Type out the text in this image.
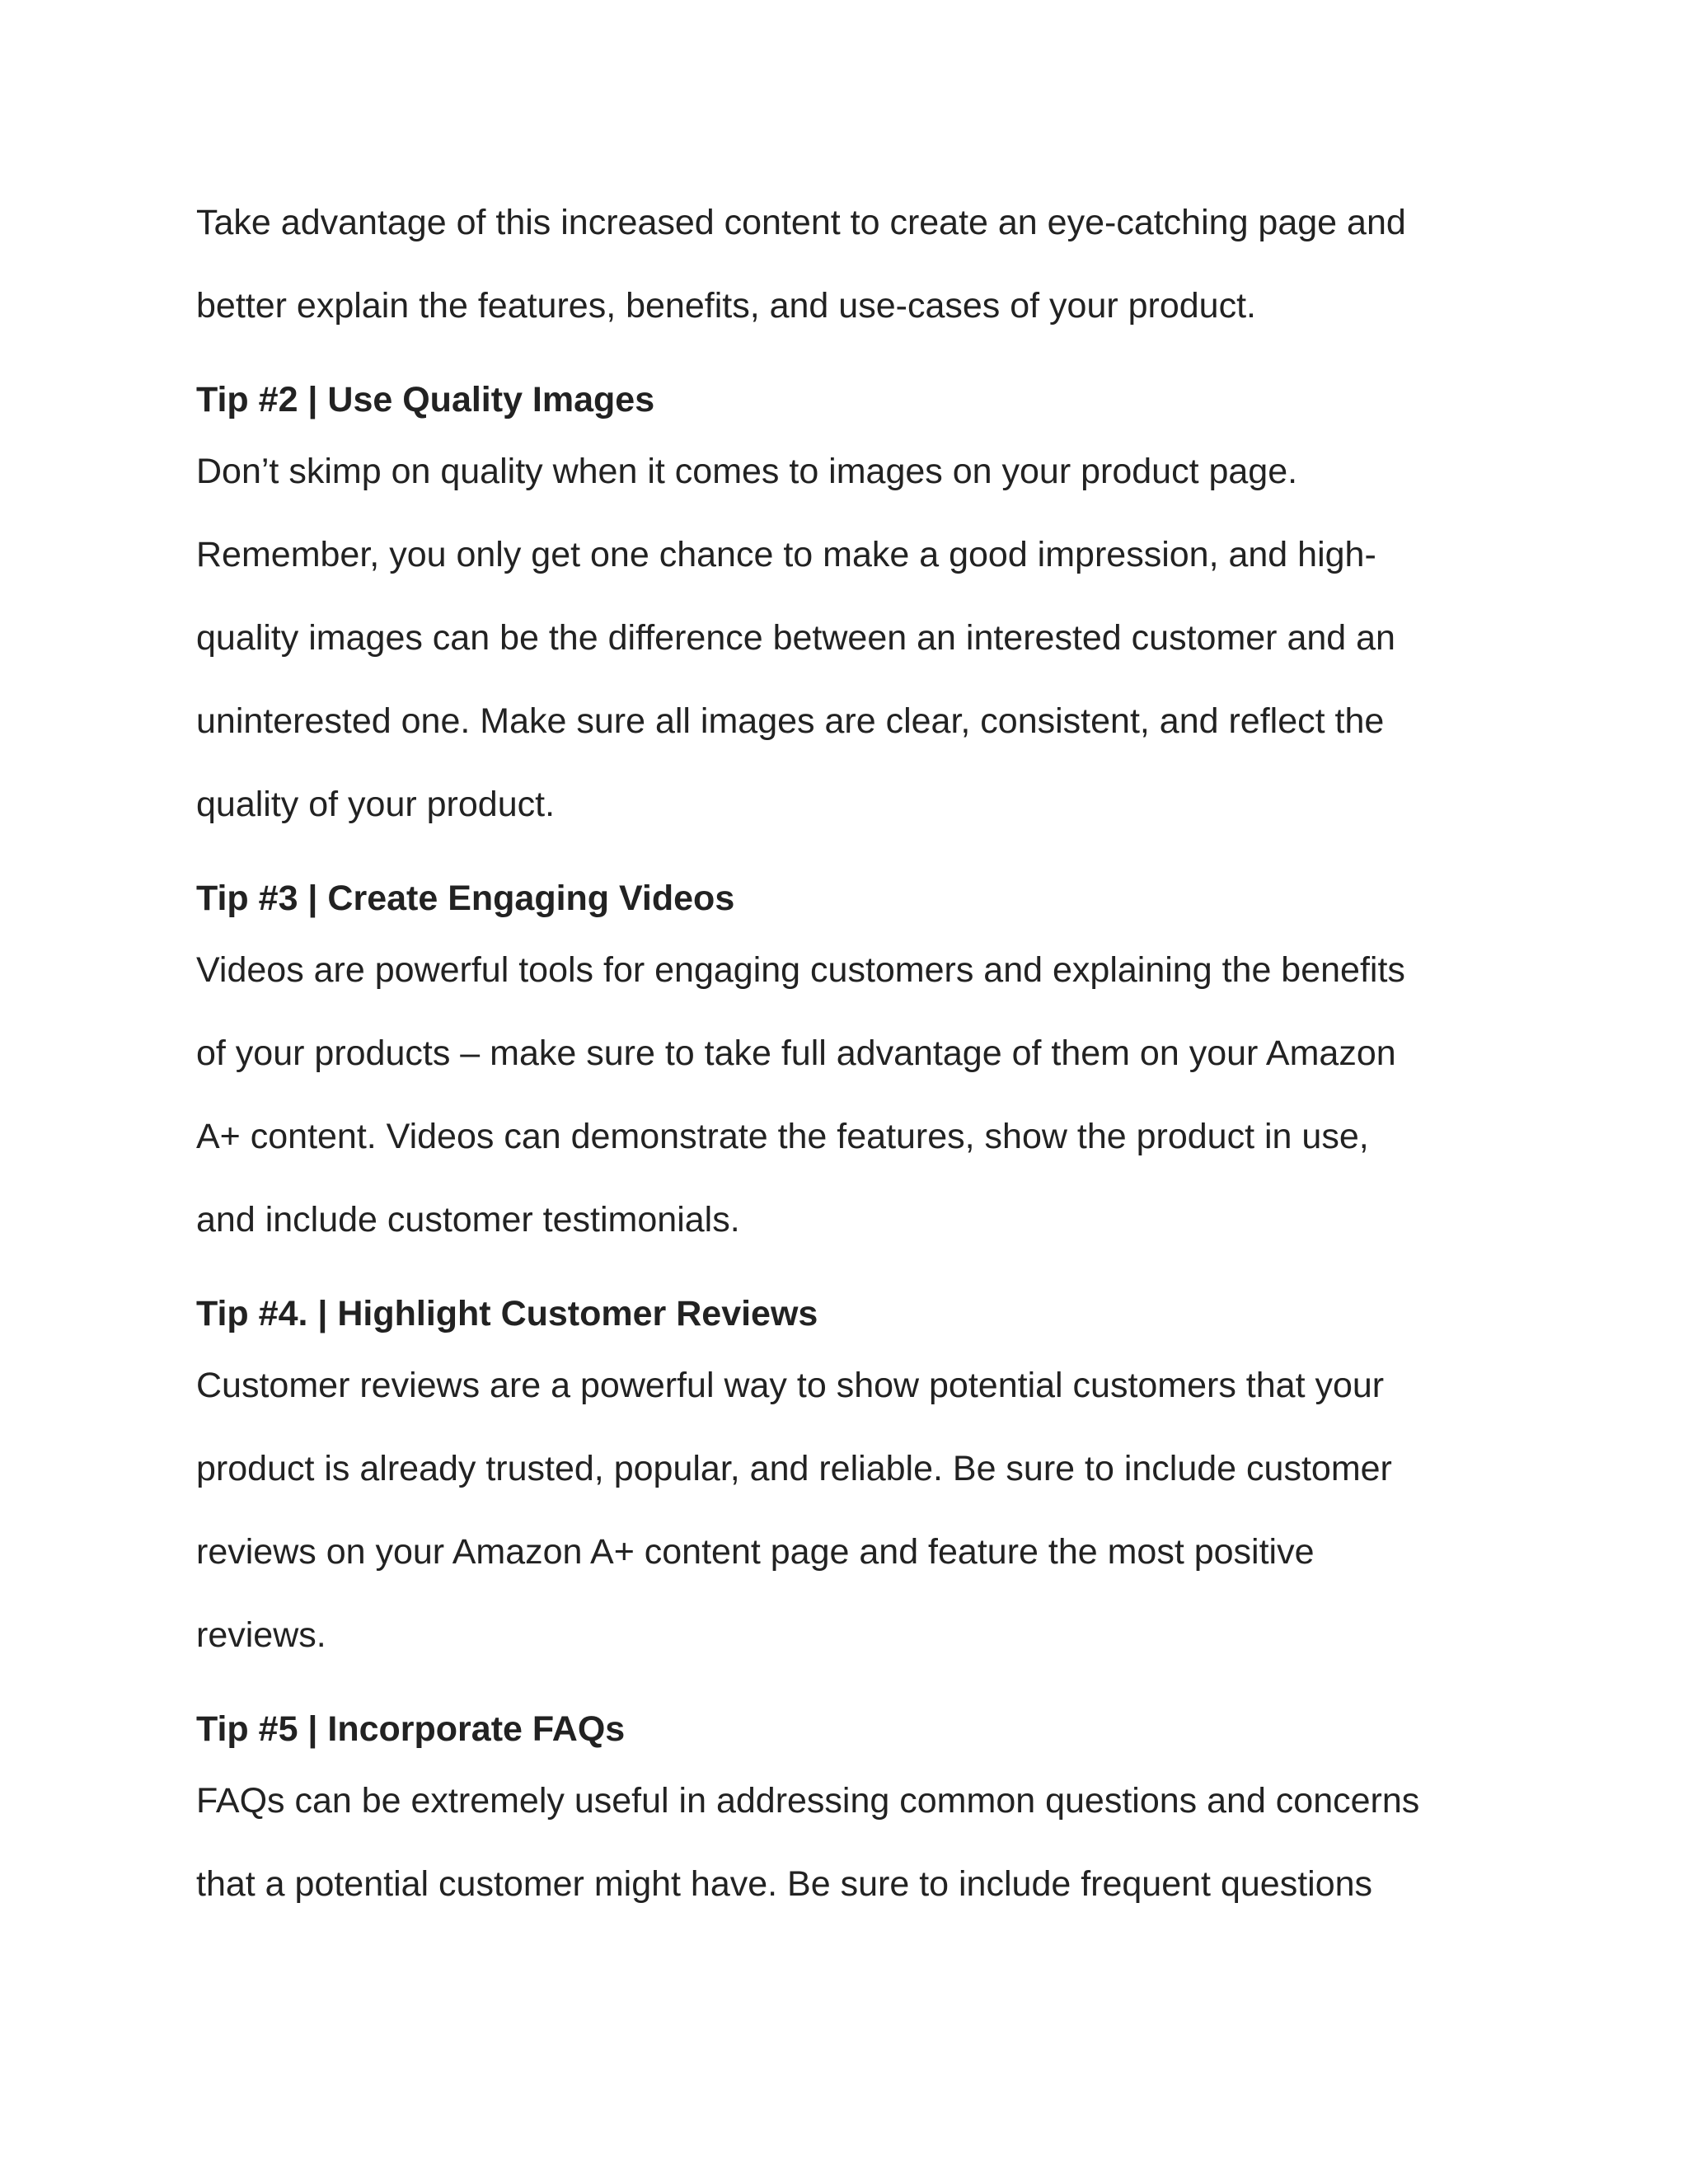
Take advantage of this increased content to create an eye-catching page and
better explain the features, benefits, and use-cases of your product.

Tip #2 | Use Quality Images

Don’t skimp on quality when it comes to images on your product page.
Remember, you only get one chance to make a good impression, and high-
quality images can be the difference between an interested customer and an
uninterested one. Make sure all images are clear, consistent, and reflect the
quality of your product.

Tip #3 | Create Engaging Videos

Videos are powerful tools for engaging customers and explaining the benefits
of your products – make sure to take full advantage of them on your Amazon
A+ content. Videos can demonstrate the features, show the product in use,
and include customer testimonials.

Tip #4. | Highlight Customer Reviews

Customer reviews are a powerful way to show potential customers that your
product is already trusted, popular, and reliable. Be sure to include customer
reviews on your Amazon A+ content page and feature the most positive
reviews.

Tip #5 | Incorporate FAQs

FAQs can be extremely useful in addressing common questions and concerns
that a potential customer might have. Be sure to include frequent questions
